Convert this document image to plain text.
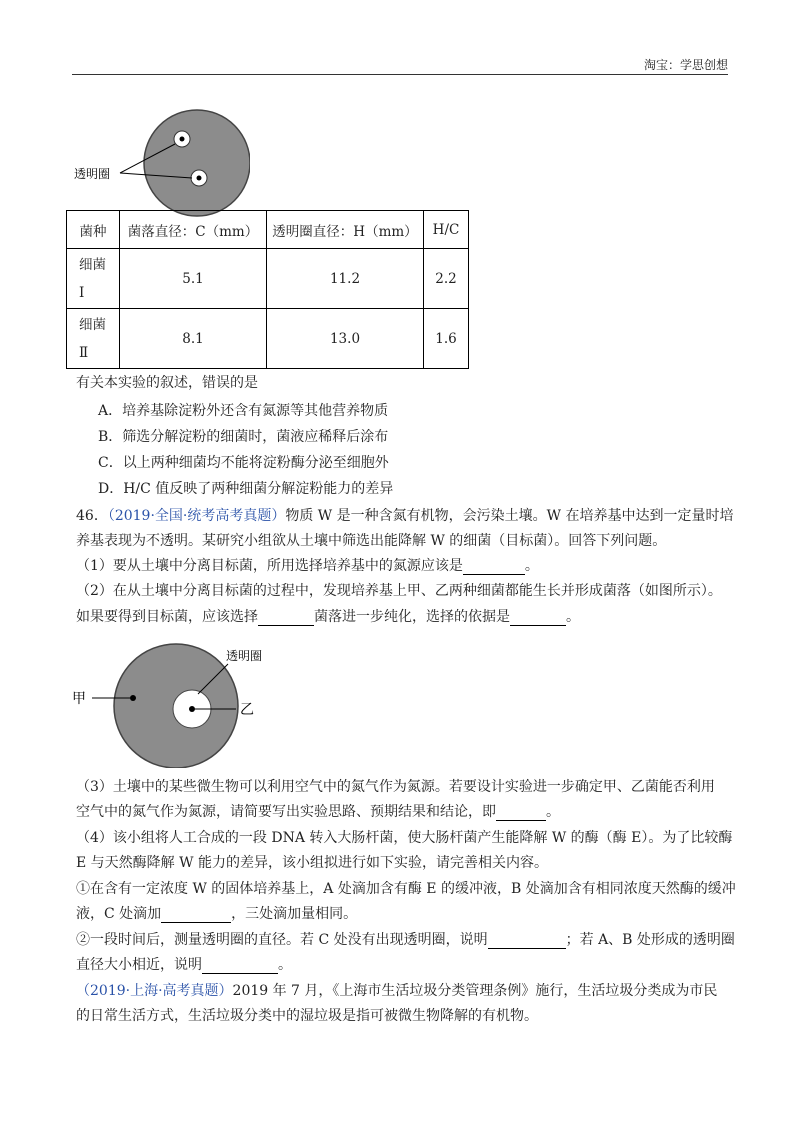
淘宝：学思创想
透明圈
菌种	菌落直径：C（mm）	透明圈直径：H（mm）	H/C
细菌
Ⅰ	5.1	11.2	2.2
细菌
Ⅱ	8.1	13.0	1.6
有关本实验的叙述，错误的是
A．培养基除淀粉外还含有氮源等其他营养物质
B．筛选分解淀粉的细菌时，菌液应稀释后涂布
C．以上两种细菌均不能将淀粉酶分泌至细胞外
D．H/C 值反映了两种细菌分解淀粉能力的差异
46．（2019·全国·统考高考真题）物质 W 是一种含氮有机物，会污染土壤。W 在培养基中达到一定量时培
养基表现为不透明。某研究小组欲从土壤中筛选出能降解 W 的细菌（目标菌）。回答下列问题。
（1）要从土壤中分离目标菌，所用选择培养基中的氮源应该是	。
（2）在从土壤中分离目标菌的过程中，发现培养基上甲、乙两种细菌都能生长并形成菌落（如图所示）。
如果要得到目标菌，应该选择	菌落进一步纯化，选择的依据是	。
甲
乙
透明圈
（3）土壤中的某些微生物可以利用空气中的氮气作为氮源。若要设计实验进一步确定甲、乙菌能否利用
空气中的氮气作为氮源，请简要写出实验思路、预期结果和结论，即	。
（4）该小组将人工合成的一段 DNA 转入大肠杆菌，使大肠杆菌产生能降解 W 的酶（酶 E）。为了比较酶
E 与天然酶降解 W 能力的差异，该小组拟进行如下实验，请完善相关内容。
①在含有一定浓度 W 的固体培养基上，A 处滴加含有酶 E 的缓冲液，B 处滴加含有相同浓度天然酶的缓冲
液，C 处滴加	，三处滴加量相同。
②一段时间后，测量透明圈的直径。若 C 处没有出现透明圈，说明	；若 A、B 处形成的透明圈
直径大小相近，说明	。
（2019·上海·高考真题）2019 年 7 月，《上海市生活垃圾分类管理条例》施行，生活垃圾分类成为市民
的日常生活方式，生活垃圾分类中的湿垃圾是指可被微生物降解的有机物。
